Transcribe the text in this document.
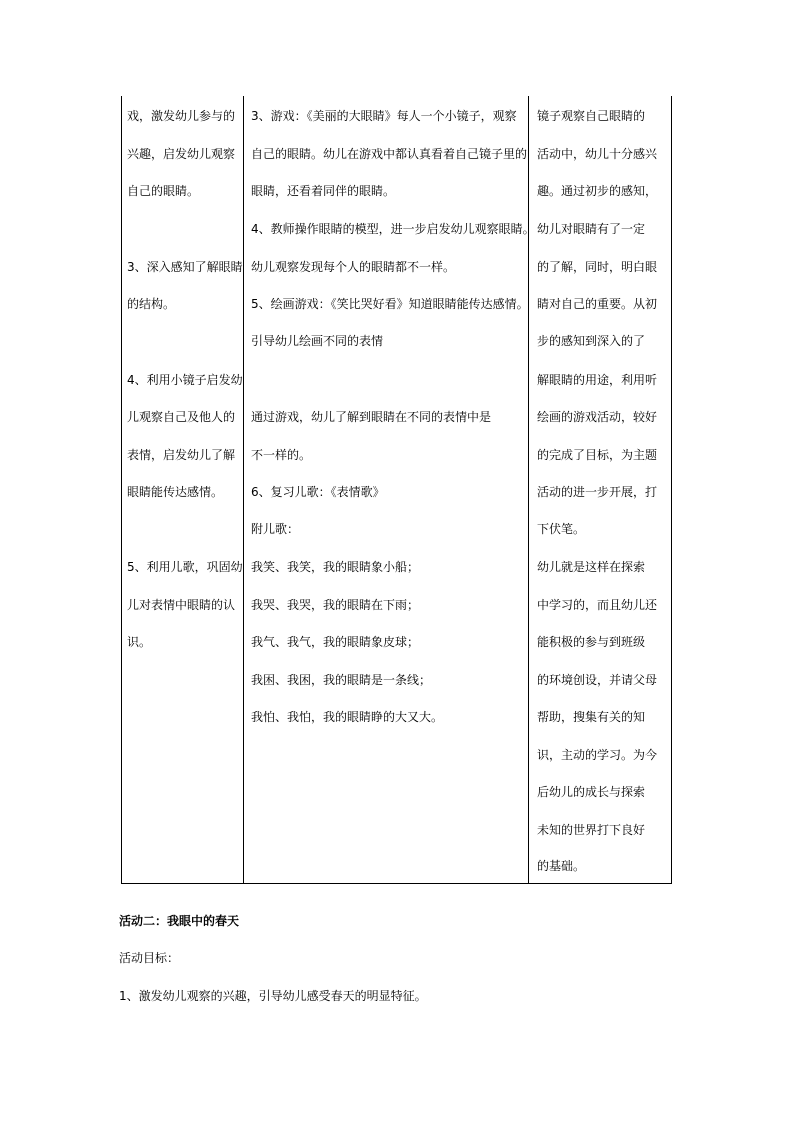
戏，激发幼儿参与的
兴趣，启发幼儿观察
自己的眼睛。
3、深入感知了解眼睛
的结构。
4、利用小镜子启发幼
儿观察自己及他人的
表情，启发幼儿了解
眼睛能传达感情。
5、利用儿歌，巩固幼
儿对表情中眼睛的认
识。
3、游戏：《美丽的大眼睛》每人一个小镜子，观察
自己的眼睛。幼儿在游戏中都认真看着自己镜子里的
眼睛，还看着同伴的眼睛。
4、教师操作眼睛的模型，进一步启发幼儿观察眼睛。
幼儿观察发现每个人的眼睛都不一样。
5、绘画游戏：《笑比哭好看》知道眼睛能传达感情。
引导幼儿绘画不同的表情
通过游戏，幼儿了解到眼睛在不同的表情中是
不一样的。
6、复习儿歌：《表情歌》
附儿歌：
我笑、我笑，我的眼睛象小船；
我哭、我哭，我的眼睛在下雨；
我气、我气，我的眼睛象皮球；
我困、我困，我的眼睛是一条线；
我怕、我怕，我的眼睛睁的大又大。
镜子观察自己眼睛的
活动中，幼儿十分感兴
趣。通过初步的感知，
幼儿对眼睛有了一定
的了解，同时，明白眼
睛对自己的重要。从初
步的感知到深入的了
解眼睛的用途，利用听
绘画的游戏活动，较好
的完成了目标，为主题
活动的进一步开展，打
下伏笔。
幼儿就是这样在探索
中学习的，而且幼儿还
能积极的参与到班级
的环境创设，并请父母
帮助，搜集有关的知
识，主动的学习。为今
后幼儿的成长与探索
未知的世界打下良好
的基础。
活动二：我眼中的春天
活动目标：
1、激发幼儿观察的兴趣，引导幼儿感受春天的明显特征。
